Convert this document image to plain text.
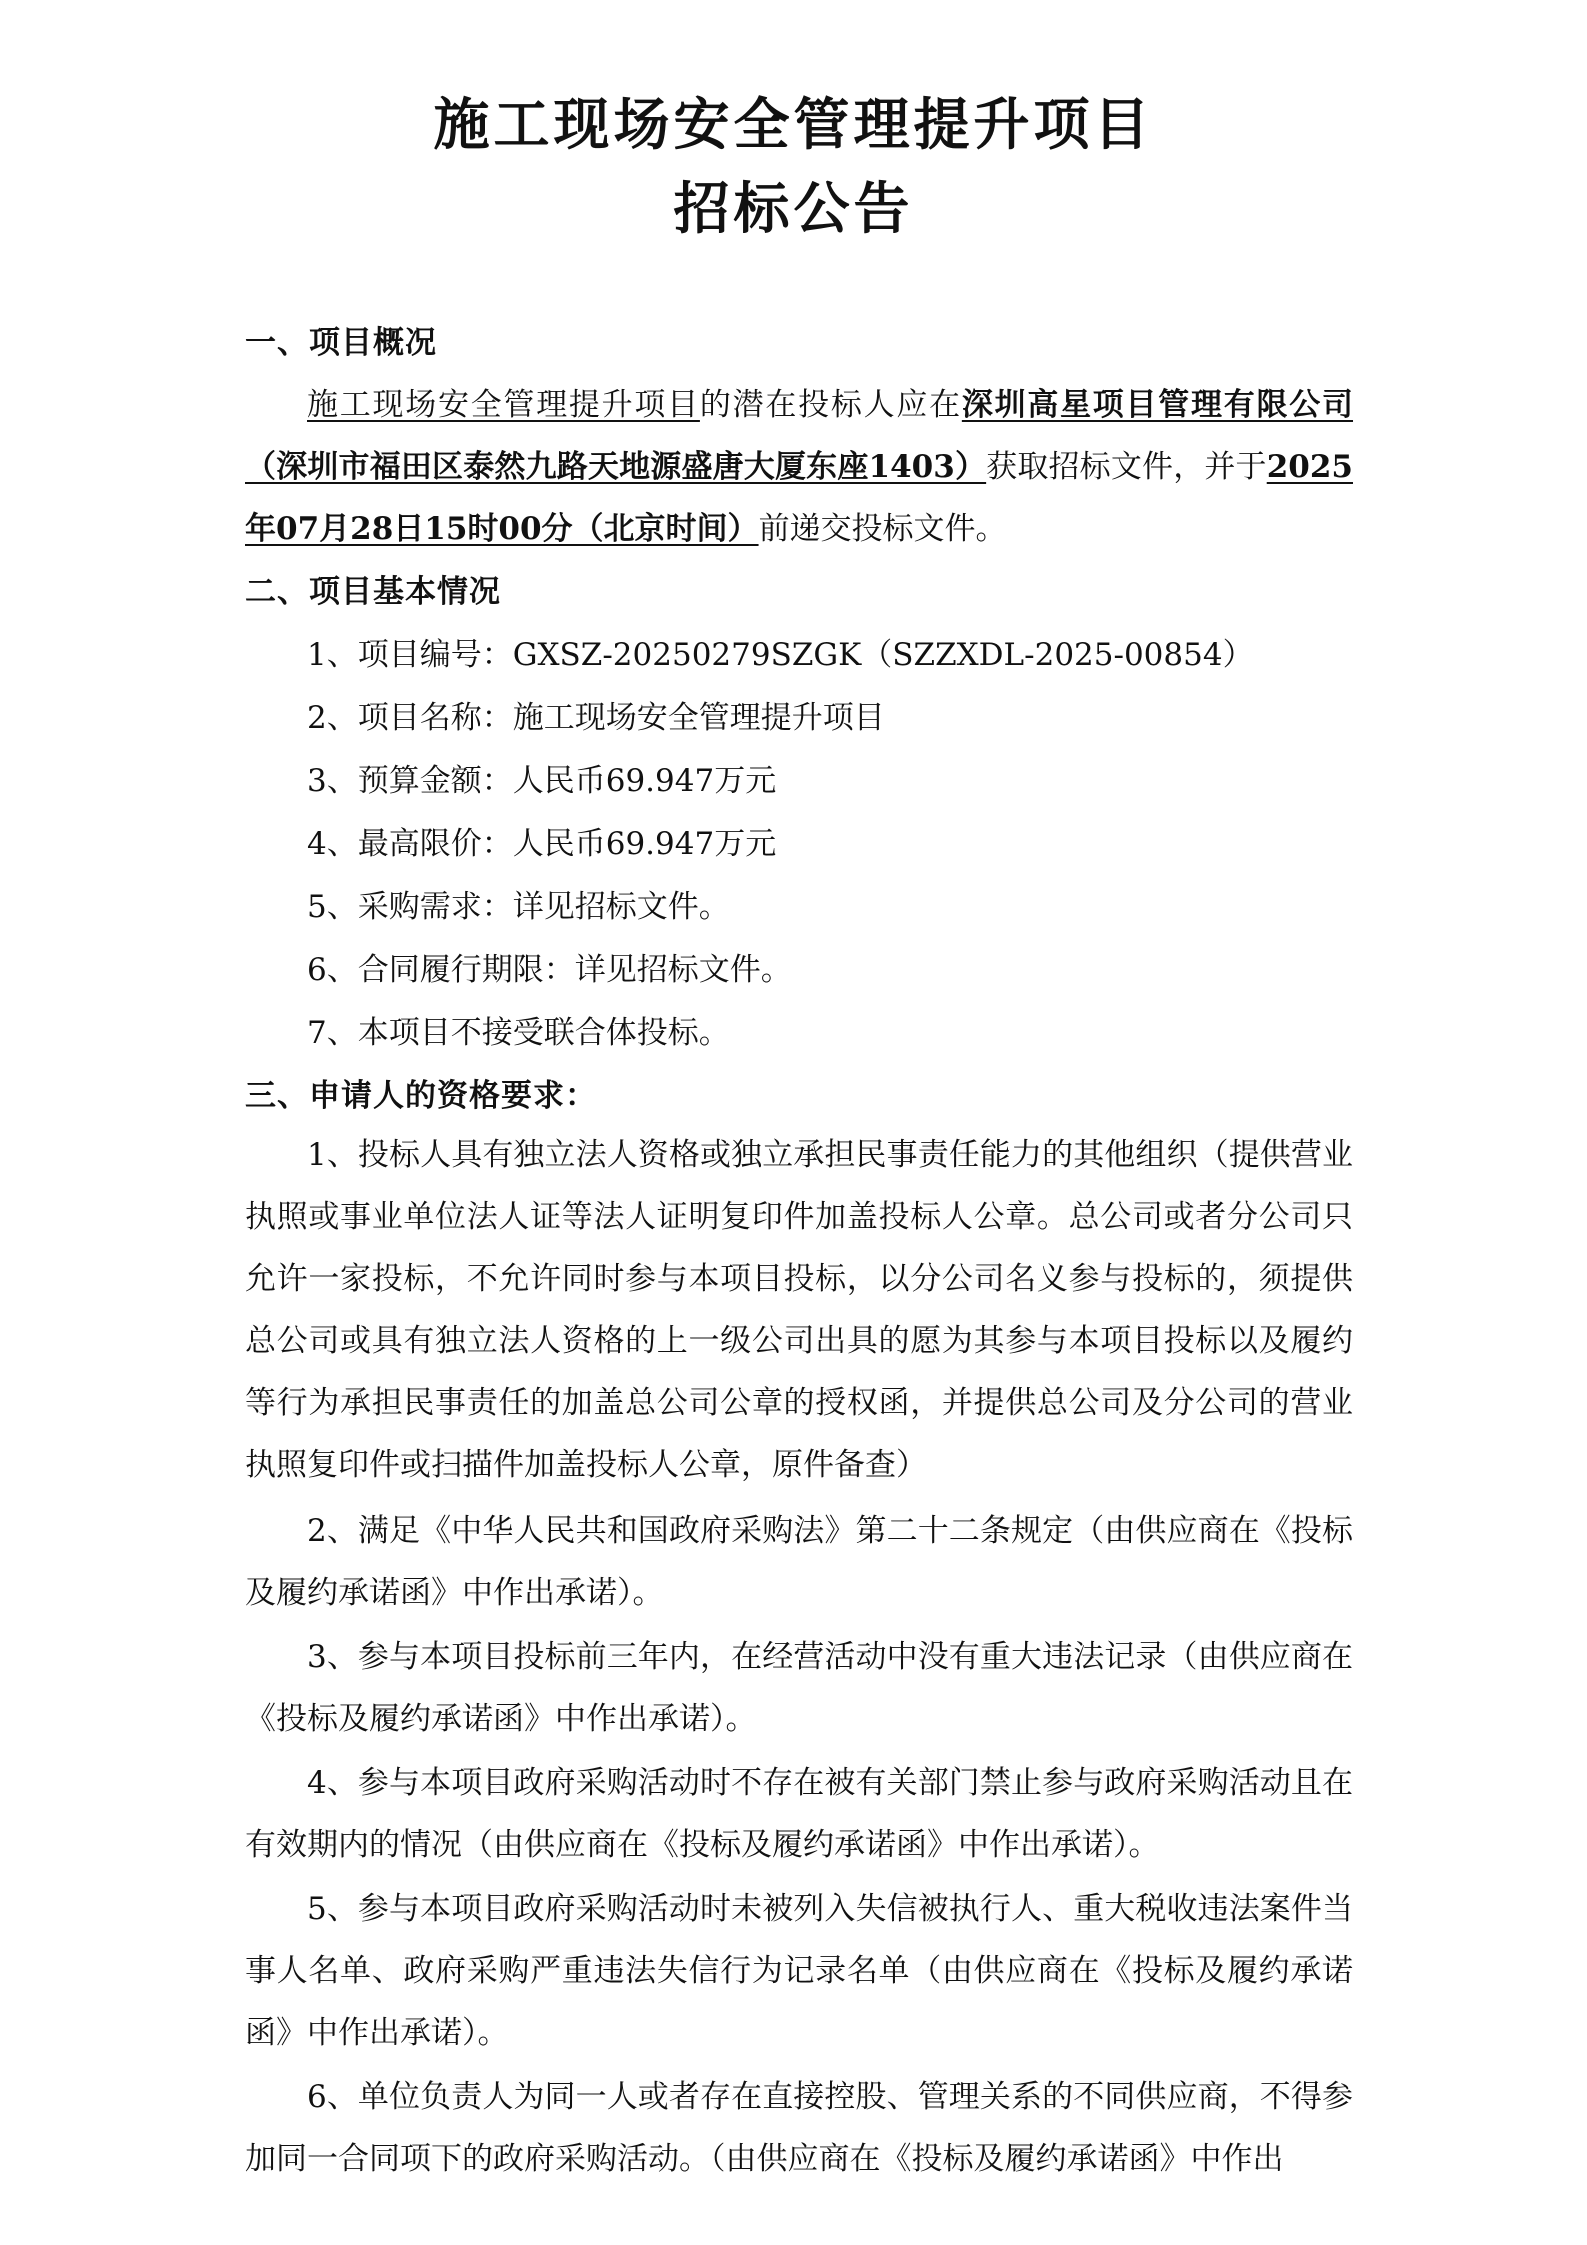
施工现场安全管理提升项目
招标公告
一、项目概况

施工现场安全管理提升项目的潜在投标人应在深圳高星项目管理有限公司（深圳市福田区泰然九路天地源盛唐大厦东座1403）获取招标文件，并于2025年07月28日15时00分（北京时间）前递交投标文件。

二、项目基本情况

1、项目编号：GXSZ-20250279SZGK（SZZXDL-2025-00854）

2、项目名称：施工现场安全管理提升项目

3、预算金额：人民币69.947万元

4、最高限价：人民币69.947万元

5、采购需求：详见招标文件。

6、合同履行期限：详见招标文件。

7、本项目不接受联合体投标。

三、申请人的资格要求：

1、投标人具有独立法人资格或独立承担民事责任能力的其他组织（提供营业执照或事业单位法人证等法人证明复印件加盖投标人公章。总公司或者分公司只允许一家投标，不允许同时参与本项目投标，以分公司名义参与投标的，须提供总公司或具有独立法人资格的上一级公司出具的愿为其参与本项目投标以及履约等行为承担民事责任的加盖总公司公章的授权函，并提供总公司及分公司的营业执照复印件或扫描件加盖投标人公章，原件备查）

2、满足《中华人民共和国政府采购法》第二十二条规定（由供应商在《投标及履约承诺函》中作出承诺）。

3、参与本项目投标前三年内，在经营活动中没有重大违法记录（由供应商在《投标及履约承诺函》中作出承诺）。

4、参与本项目政府采购活动时不存在被有关部门禁止参与政府采购活动且在有效期内的情况（由供应商在《投标及履约承诺函》中作出承诺）。

5、参与本项目政府采购活动时未被列入失信被执行人、重大税收违法案件当事人名单、政府采购严重违法失信行为记录名单（由供应商在《投标及履约承诺函》中作出承诺）。

6、单位负责人为同一人或者存在直接控股、管理关系的不同供应商，不得参加同一合同项下的政府采购活动。（由供应商在《投标及履约承诺函》中作出
